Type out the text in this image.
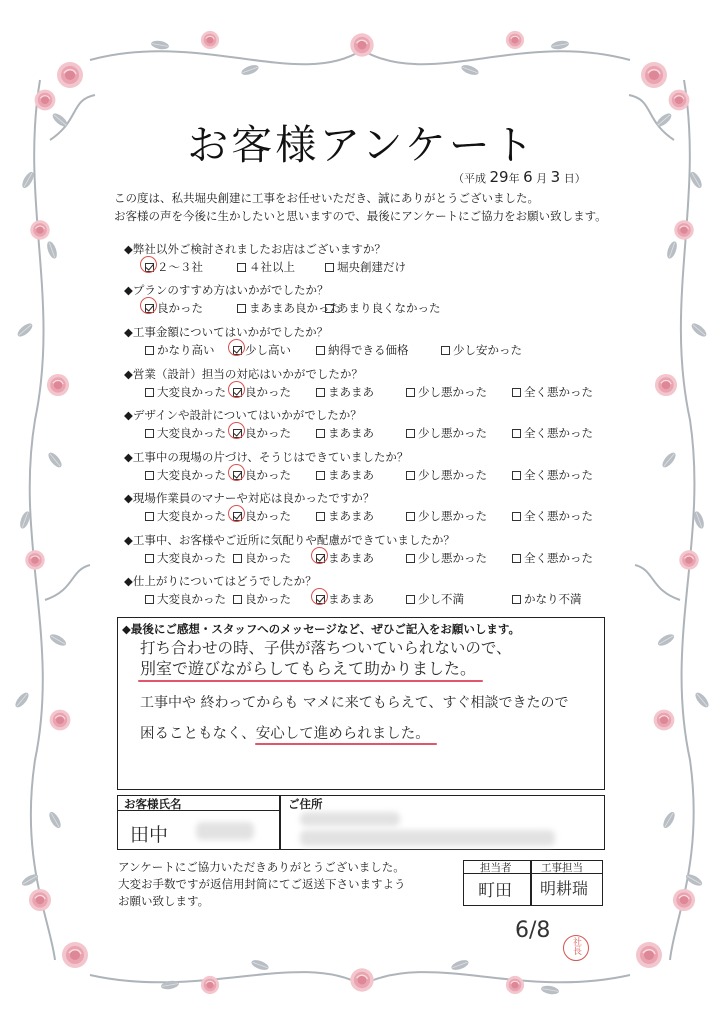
お客様アンケート
（平成 29年 6 月 3 日）
この度は、私共堀央創建に工事をお任せいただき、誠にありがとうございました。
お客様の声を今後に生かしたいと思いますので、最後にアンケートにご協力をお願い致します。
◆弊社以外ご検討されましたお店はございますか？
２～３社	４社以上	堀央創建だけ
◆プランのすすめ方はいかがでしたか？
良かった	まあまあ良かった
あまり良くなかった
◆工事金額についてはいかがでしたか？
かなり高い	少し高い	納得できる価格	少し安かった
◆営業（設計）担当の対応はいかがでしたか？
大変良かった	良かった	まあまあ	少し悪かった	全く悪かった
◆デザインや設計についてはいかがでしたか？
大変良かった	良かった	まあまあ	少し悪かった	全く悪かった
◆工事中の現場の片づけ、そうじはできていましたか？
大変良かった	良かった	まあまあ	少し悪かった	全く悪かった
◆現場作業員のマナーや対応は良かったですか？
大変良かった	良かった	まあまあ	少し悪かった	全く悪かった
◆工事中、お客様やご近所に気配りや配慮ができていましたか？
大変良かった	良かった	まあまあ	少し悪かった	全く悪かった
◆仕上がりについてはどうでしたか？
大変良かった	良かった	まあまあ	少し不満	かなり不満
◆最後にご感想・スタッフへのメッセージなど、ぜひご記入をお願いします。
打ち合わせの時、子供が落ちついていられないので、
別室で遊びながらしてもらえて助かりました。
工事中や 終わってからも マメに来てもらえて、すぐ相談できたので
困ることもなく、安心して進められました。
お客様氏名
田中
ご住所
アンケートにご協力いただきありがとうございました。
大変お手数ですが返信用封筒にてご返送下さいますよう
お願い致します。
担当者
町田
工事担当
明耕瑞
6/8
社長
